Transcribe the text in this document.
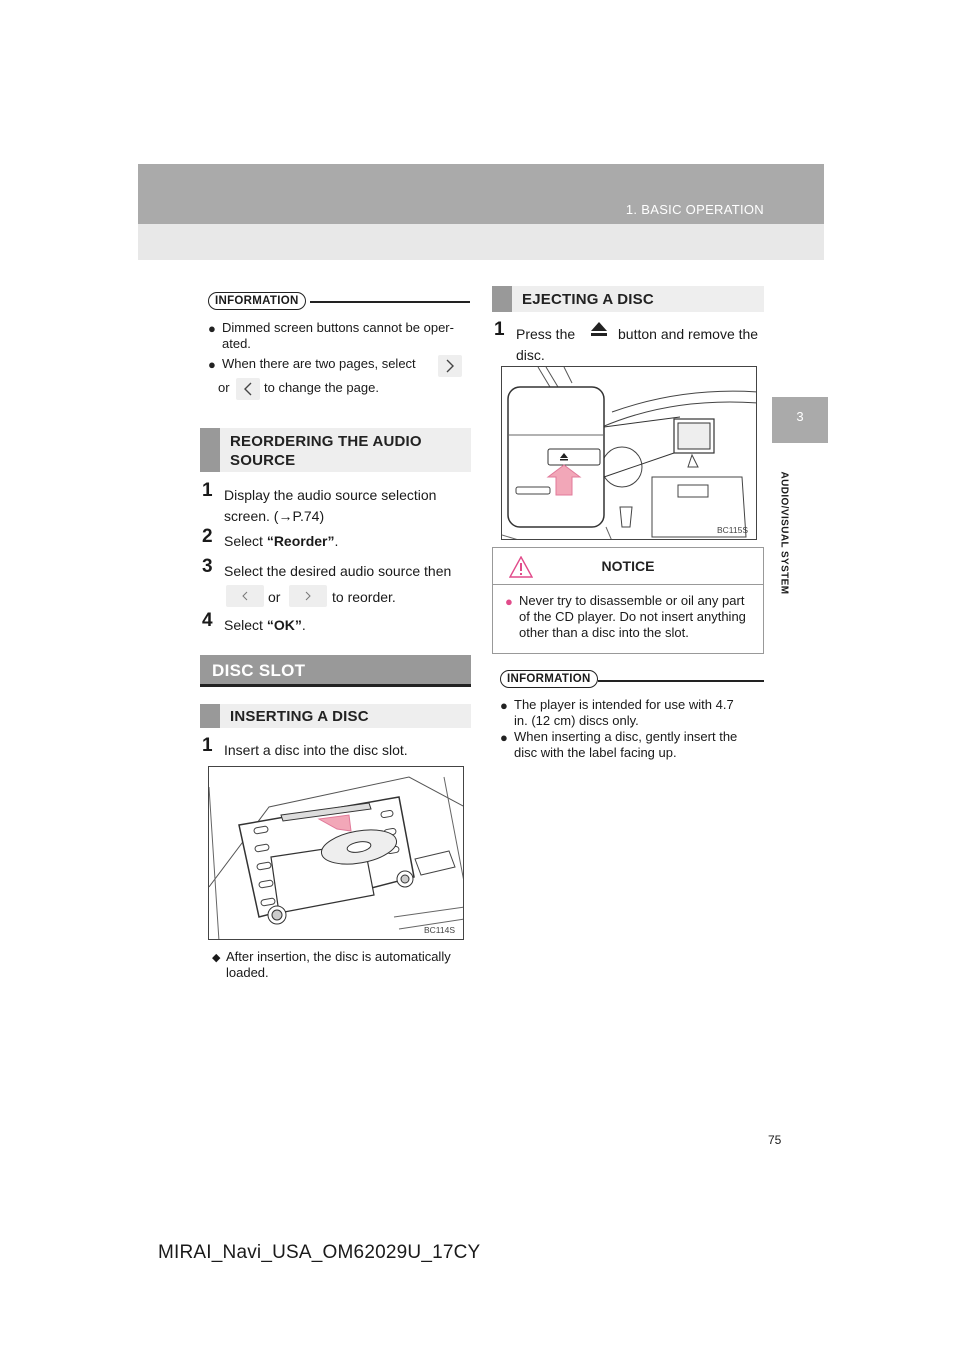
1. BASIC OPERATION
3
AUDIO/VISUAL SYSTEM
INFORMATION
● Dimmed screen buttons cannot be oper-
ated.
● When there are two pages, select
or	to change the page.
REORDERING THE AUDIO
SOURCE
1 Display the audio source selection
screen. (→P.74)
2 Select “Reorder”.
3 Select the desired audio source then
or	to reorder.
4 Select “OK”.
DISC SLOT
INSERTING A DISC
1 Insert a disc into the disc slot.
BC114S
◆ After insertion, the disc is automatically
loaded.
EJECTING A DISC
1 Press the	button and remove the
disc.
BC115S
NOTICE
● Never try to disassemble or oil any part
of the CD player. Do not insert anything
other than a disc into the slot.
INFORMATION
● The player is intended for use with 4.7
in. (12 cm) discs only.
● When inserting a disc, gently insert the
disc with the label facing up.
75
MIRAI_Navi_USA_OM62029U_17CY
